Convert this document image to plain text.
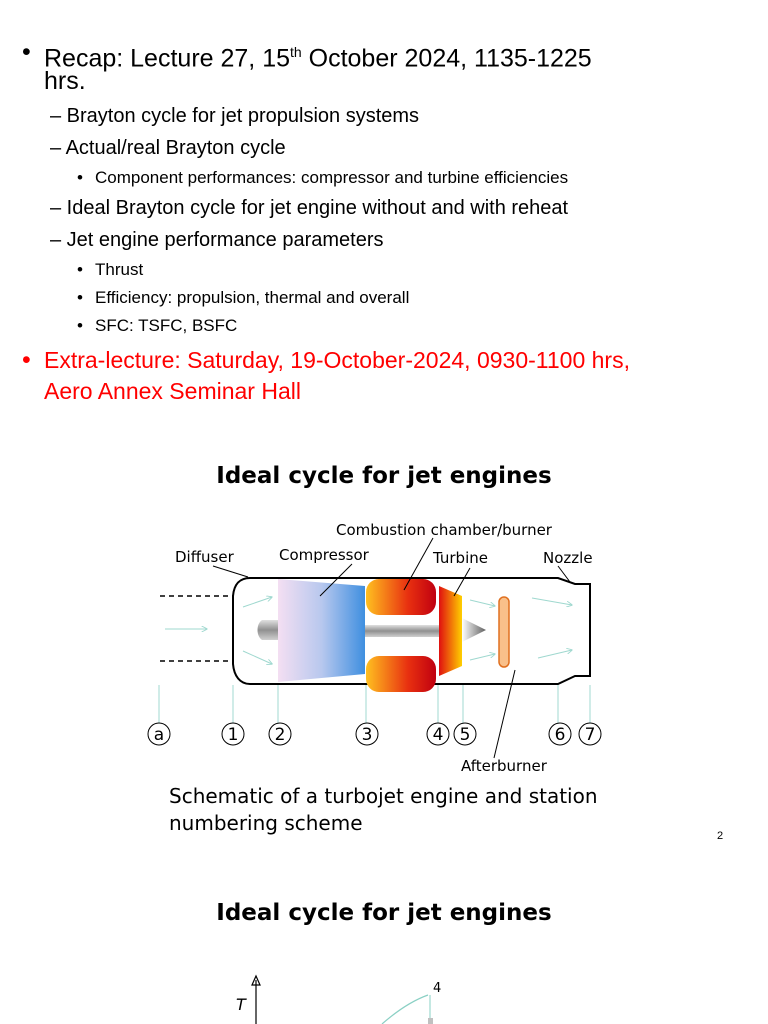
• Recap: Lecture 27, 15th October 2024, 1135-1225
hrs.
– Brayton cycle for jet propulsion systems
– Actual/real Brayton cycle
• Component performances: compressor and turbine efficiencies
– Ideal Brayton cycle for jet engine without and with reheat
– Jet engine performance parameters
• Thrust
• Efficiency: propulsion, thermal and overall
• SFC: TSFC, BSFC
• Extra-lecture: Saturday, 19-October-2024, 0930-1100 hrs,
Aero Annex Seminar Hall
Ideal cycle for jet engines
Combustion chamber/burner
Diffuser	Compressor	Turbine	Nozzle
Afterburner
a	1 2	3	4 5	6 7
T
4
Schematic of a turbojet engine and station numbering scheme
2
Ideal cycle for jet engines
